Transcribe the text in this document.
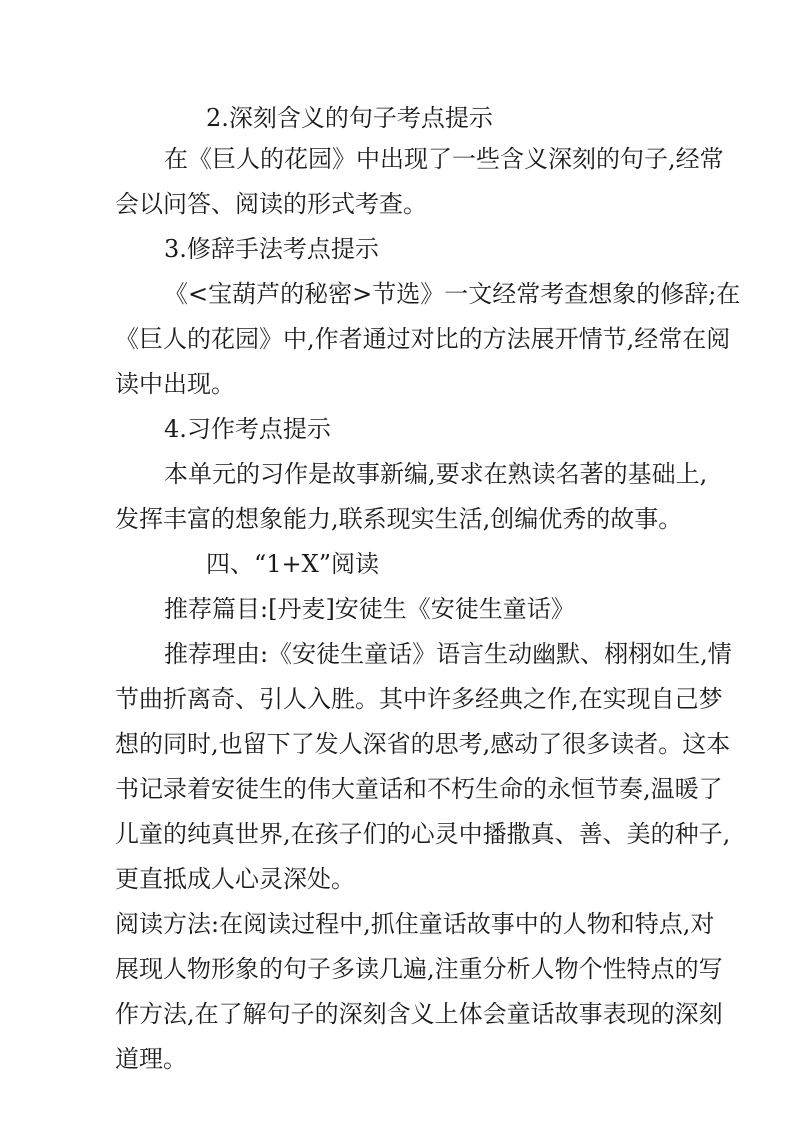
2.深刻含义的句子考点提示
在《巨人的花园》中出现了一些含义深刻的句子,经常
会以问答、阅读的形式考查。
3.修辞手法考点提示
《<宝葫芦的秘密>节选》一文经常考查想象的修辞;在
《巨人的花园》中,作者通过对比的方法展开情节,经常在阅
读中出现。
4.习作考点提示
本单元的习作是故事新编,要求在熟读名著的基础上,
发挥丰富的想象能力,联系现实生活,创编优秀的故事。
四、“1+X”阅读
推荐篇目:[丹麦]安徒生《安徒生童话》
推荐理由:《安徒生童话》语言生动幽默、栩栩如生,情
节曲折离奇、引人入胜。其中许多经典之作,在实现自己梦
想的同时,也留下了发人深省的思考,感动了很多读者。这本
书记录着安徒生的伟大童话和不朽生命的永恒节奏,温暖了
儿童的纯真世界,在孩子们的心灵中播撒真、善、美的种子,
更直抵成人心灵深处。
阅读方法:在阅读过程中,抓住童话故事中的人物和特点,对
展现人物形象的句子多读几遍,注重分析人物个性特点的写
作方法,在了解句子的深刻含义上体会童话故事表现的深刻
道理。
